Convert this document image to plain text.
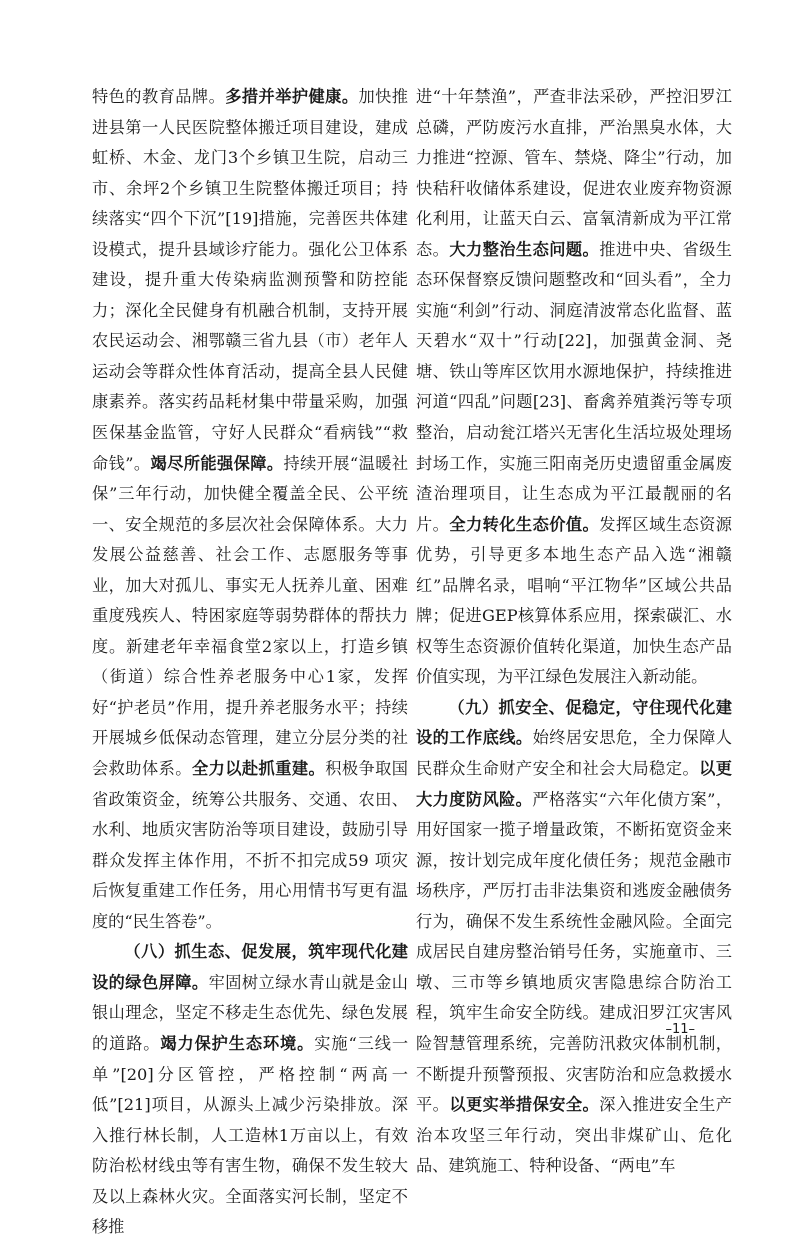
特色的教育品牌。多措并举护健康。加快推进县第一人民医院整体搬迁项目建设，建成虹桥、木金、龙门3个乡镇卫生院，启动三市、余坪2个乡镇卫生院整体搬迁项目；持续落实“四个下沉”[19]措施，完善医共体建设模式，提升县域诊疗能力。强化公卫体系建设，提升重大传染病监测预警和防控能力；深化全民健身有机融合机制，支持开展农民运动会、湘鄂赣三省九县（市）老年人运动会等群众性体育活动，提高全县人民健康素养。落实药品耗材集中带量采购，加强医保基金监管，守好人民群众“看病钱”“救命钱”。竭尽所能强保障。持续开展“温暖社保”三年行动，加快健全覆盖全民、公平统一、安全规范的多层次社会保障体系。大力发展公益慈善、社会工作、志愿服务等事业，加大对孤儿、事实无人抚养儿童、困难重度残疾人、特困家庭等弱势群体的帮扶力度。新建老年幸福食堂2家以上，打造乡镇（街道）综合性养老服务中心1家，发挥好“护老员”作用，提升养老服务水平；持续开展城乡低保动态管理，建立分层分类的社会救助体系。全力以赴抓重建。积极争取国省政策资金，统筹公共服务、交通、农田、水利、地质灾害防治等项目建设，鼓励引导群众发挥主体作用，不折不扣完成59 项灾后恢复重建工作任务，用心用情书写更有温度的“民生答卷”。

（八）抓生态、促发展，筑牢现代化建设的绿色屏障。牢固树立绿水青山就是金山银山理念，坚定不移走生态优先、绿色发展的道路。竭力保护生态环境。实施“三线一单”[20]分区管控，严格控制“两高一低”[21]项目，从源头上减少污染排放。深入推行林长制，人工造林1万亩以上，有效防治松材线虫等有害生物，确保不发生较大及以上森林火灾。全面落实河长制，坚定不移推

进“十年禁渔”，严查非法采砂，严控汨罗江总磷，严防废污水直排，严治黑臭水体，大力推进“控源、管车、禁烧、降尘”行动，加快秸秆收储体系建设，促进农业废弃物资源化利用，让蓝天白云、富氧清新成为平江常态。大力整治生态问题。推进中央、省级生态环保督察反馈问题整改和“回头看”，全力实施“利剑”行动、洞庭清波常态化监督、蓝天碧水“双十”行动[22]，加强黄金洞、尧塘、铁山等库区饮用水源地保护，持续推进河道“四乱”问题[23]、畜禽养殖粪污等专项整治，启动瓮江塔兴无害化生活垃圾处理场封场工作，实施三阳南尧历史遗留重金属废渣治理项目，让生态成为平江最靓丽的名片。全力转化生态价值。发挥区域生态资源优势，引导更多本地生态产品入选“湘赣红”品牌名录，唱响“平江物华”区域公共品牌；促进GEP核算体系应用，探索碳汇、水权等生态资源价值转化渠道，加快生态产品价值实现，为平江绿色发展注入新动能。

（九）抓安全、促稳定，守住现代化建设的工作底线。始终居安思危，全力保障人民群众生命财产安全和社会大局稳定。以更大力度防风险。严格落实“六年化债方案”，用好国家一揽子增量政策，不断拓宽资金来源，按计划完成年度化债任务；规范金融市场秩序，严厉打击非法集资和逃废金融债务行为，确保不发生系统性金融风险。全面完成居民自建房整治销号任务，实施童市、三墩、三市等乡镇地质灾害隐患综合防治工程，筑牢生命安全防线。建成汨罗江灾害风险智慧管理系统，完善防汛救灾体制机制，不断提升预警预报、灾害防治和应急救援水平。以更实举措保安全。深入推进安全生产治本攻坚三年行动，突出非煤矿山、危化品、建筑施工、特种设备、“两电”车

–11–
